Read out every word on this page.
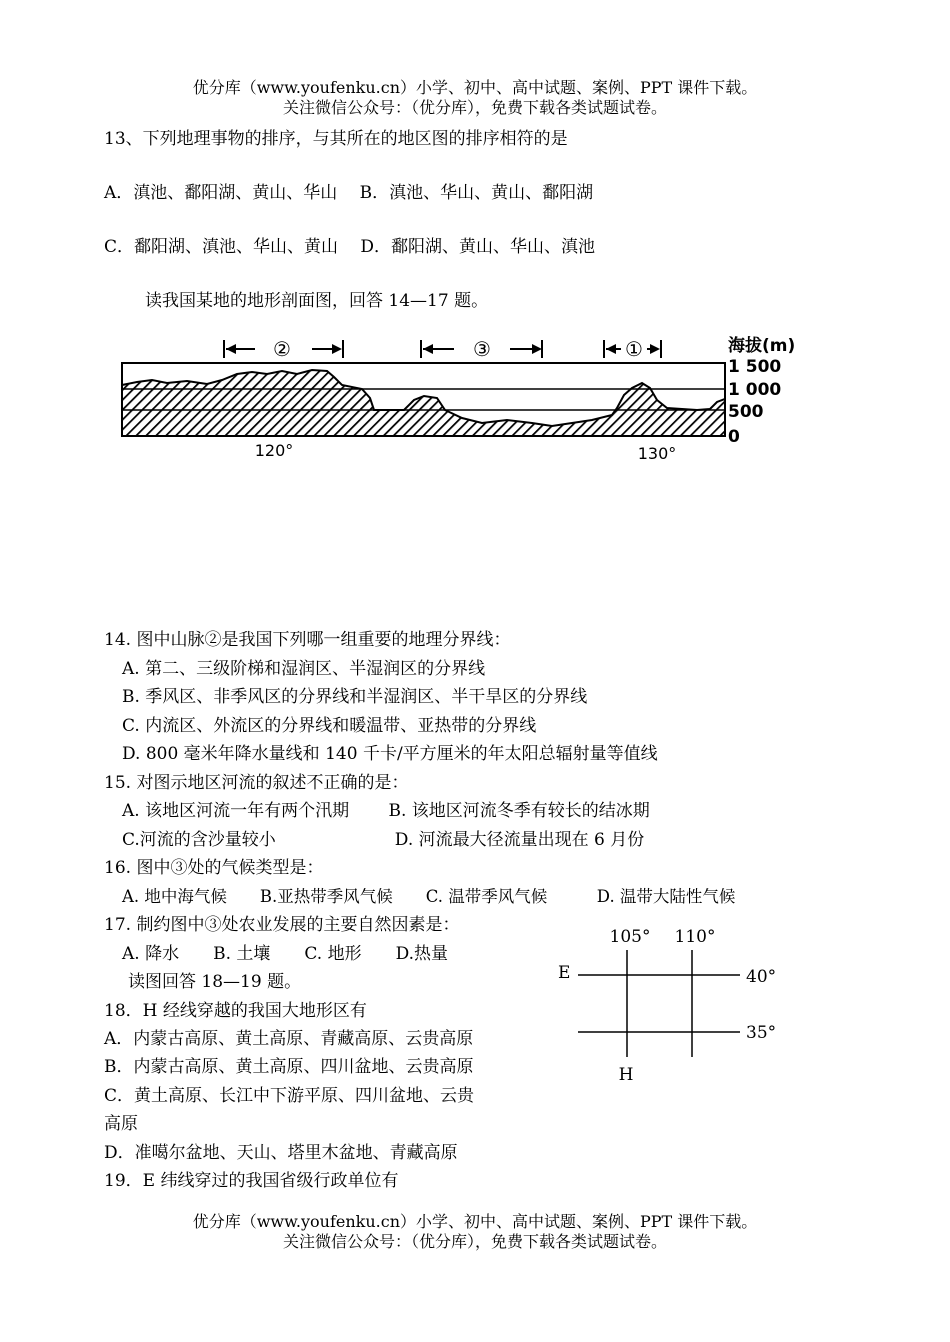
优分库（www.youfenku.cn）小学、初中、高中试题、案例、PPT 课件下载。
关注微信公众号：（优分库），免费下载各类试题试卷。
13、下列地理事物的排序，与其所在的地区图的排序相符的是
A．滇池、鄱阳湖、黄山、华山　 B．滇池、华山、黄山、鄱阳湖
C．鄱阳湖、滇池、华山、黄山　 D．鄱阳湖、黄山、华山、滇池
读我国某地的地形剖面图，回答 14—17 题。
②	③	①	海拔(m)
1 500
1 000
500
0
120°	130°
14. 图中山脉②是我国下列哪一组重要的地理分界线：
A. 第二、三级阶梯和湿润区、半湿润区的分界线
B. 季风区、非季风区的分界线和半湿润区、半干旱区的分界线
C. 内流区、外流区的分界线和暖温带、亚热带的分界线
D. 800 毫米年降水量线和 140 千卡/平方厘米的年太阳总辐射量等值线
15. 对图示地区河流的叙述不正确的是：
A. 该地区河流一年有两个汛期　　 B. 该地区河流冬季有较长的结冰期
C.河流的含沙量较小　　　　　　　D. 河流最大径流量出现在 6 月份
16. 图中③处的气候类型是：
A. 地中海气候　　B.亚热带季风气候　　C. 温带季风气候　　　D. 温带大陆性气候
17. 制约图中③处农业发展的主要自然因素是：
A. 降水　　B. 土壤　　C. 地形　　D.热量
读图回答 18—19 题。
105° 110°
E	40°
35°
H
18．H 经线穿越的我国大地形区有
A．内蒙古高原、黄土高原、青藏高原、云贵高原
B．内蒙古高原、黄土高原、四川盆地、云贵高原
C．黄土高原、长江中下游平原、四川盆地、云贵
高原
D．准噶尔盆地、天山、塔里木盆地、青藏高原
19．E 纬线穿过的我国省级行政单位有
优分库（www.youfenku.cn）小学、初中、高中试题、案例、PPT 课件下载。
关注微信公众号：（优分库），免费下载各类试题试卷。
